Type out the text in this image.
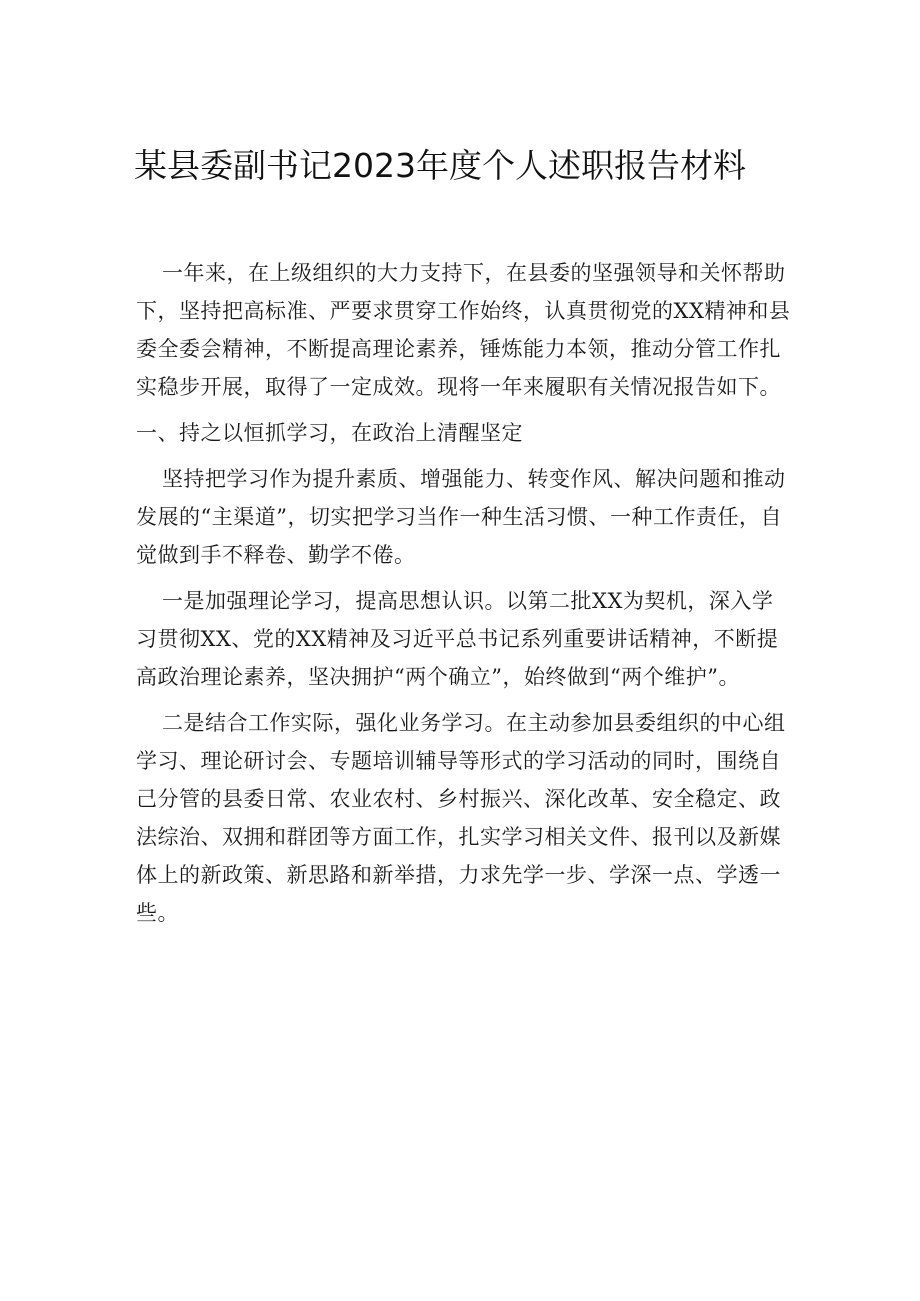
某县委副书记2023年度个人述职报告材料

一年来，在上级组织的大力支持下，在县委的坚强领导和关怀帮助下，坚持把高标准、严要求贯穿工作始终，认真贯彻党的XX精神和县委全委会精神，不断提高理论素养，锤炼能力本领，推动分管工作扎实稳步开展，取得了一定成效。现将一年来履职有关情况报告如下。

一、持之以恒抓学习，在政治上清醒坚定

坚持把学习作为提升素质、增强能力、转变作风、解决问题和推动发展的“主渠道”，切实把学习当作一种生活习惯、一种工作责任，自觉做到手不释卷、勤学不倦。

一是加强理论学习，提高思想认识。以第二批XX为契机，深入学习贯彻XX、党的XX精神及习近平总书记系列重要讲话精神，不断提高政治理论素养，坚决拥护“两个确立”，始终做到“两个维护”。

二是结合工作实际，强化业务学习。在主动参加县委组织的中心组学习、理论研讨会、专题培训辅导等形式的学习活动的同时，围绕自己分管的县委日常、农业农村、乡村振兴、深化改革、安全稳定、政法综治、双拥和群团等方面工作，扎实学习相关文件、报刊以及新媒体上的新政策、新思路和新举措，力求先学一步、学深一点、学透一些。
